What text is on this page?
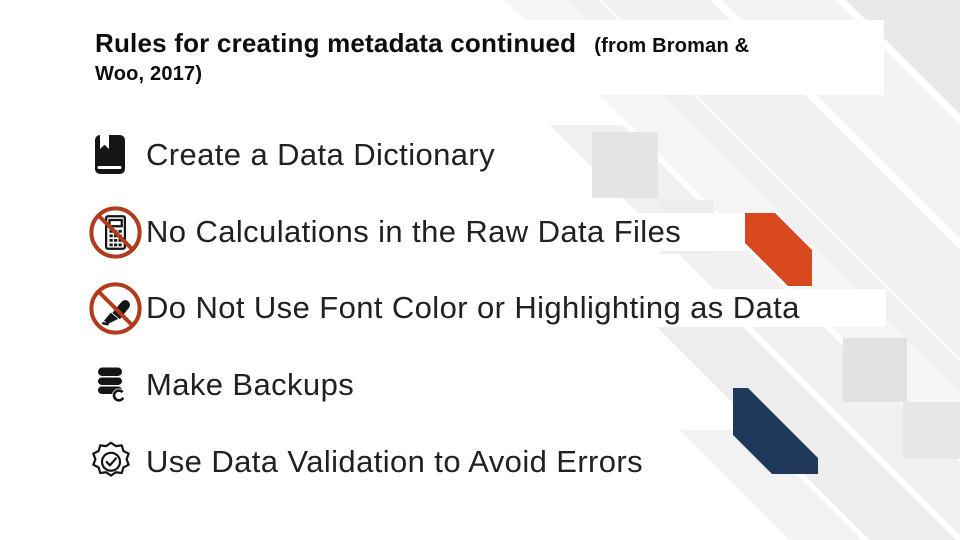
Rules for creating metadata continued (from Broman &
Woo, 2017)
Create a Data Dictionary
No Calculations in the Raw Data Files
Do Not Use Font Color or Highlighting as Data
Make Backups
Use Data Validation to Avoid Errors
